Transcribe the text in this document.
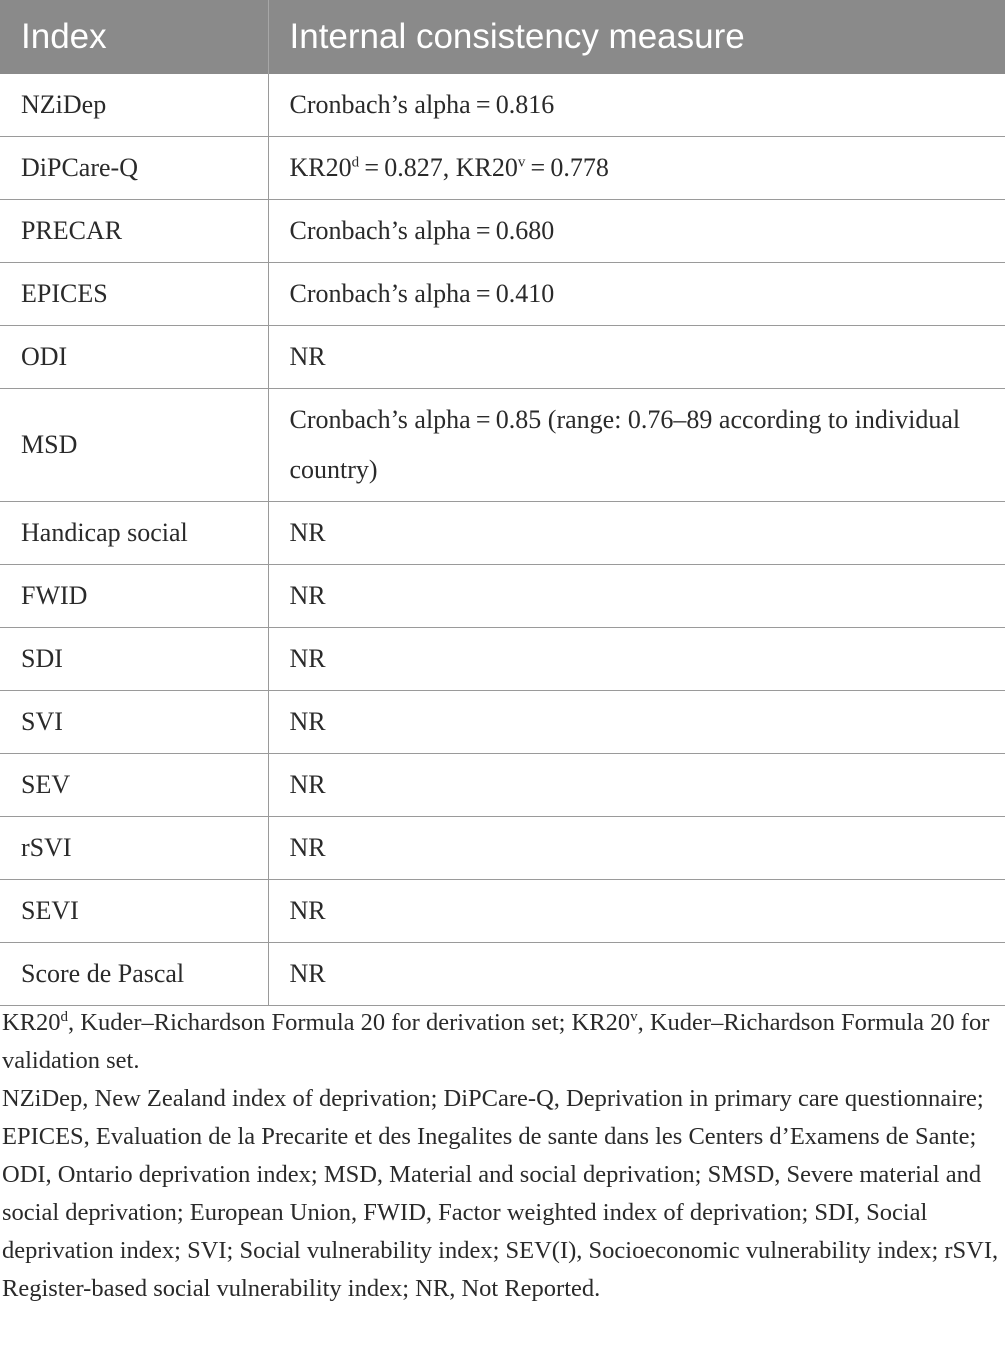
Index	Internal consistency measure
NZiDep	Cronbach’s alpha = 0.816
DiPCare-Q	$KR20^d = 0.827$, $KR20^v = 0.778$
PRECAR	Cronbach’s alpha = 0.680
EPICES	Cronbach’s alpha = 0.410
ODI	NR
MSD	Cronbach’s alpha = 0.85 (range: 0.76–89 according to individual country)
Handicap social	NR
FWID	NR
SDI	NR
SVI	NR
SEV	NR
rSVI	NR
SEVI	NR
Score de Pascal	NR

KR20$^d$, Kuder–Richardson Formula 20 for derivation set; KR20$^v$, Kuder–Richardson Formula 20 for validation set.

NZiDep, New Zealand index of deprivation; DiPCare-Q, Deprivation in primary care questionnaire; EPICES, Evaluation de la Precarite et des Inegalites de sante dans les Centers d’Examens de Sante; ODI, Ontario deprivation index; MSD, Material and social deprivation; SMSD, Severe material and social deprivation; European Union, FWID, Factor weighted index of deprivation; SDI, Social deprivation index; SVI; Social vulnerability index; SEV(I), Socioeconomic vulnerability index; rSVI, Register-based social vulnerability index; NR, Not Reported.
